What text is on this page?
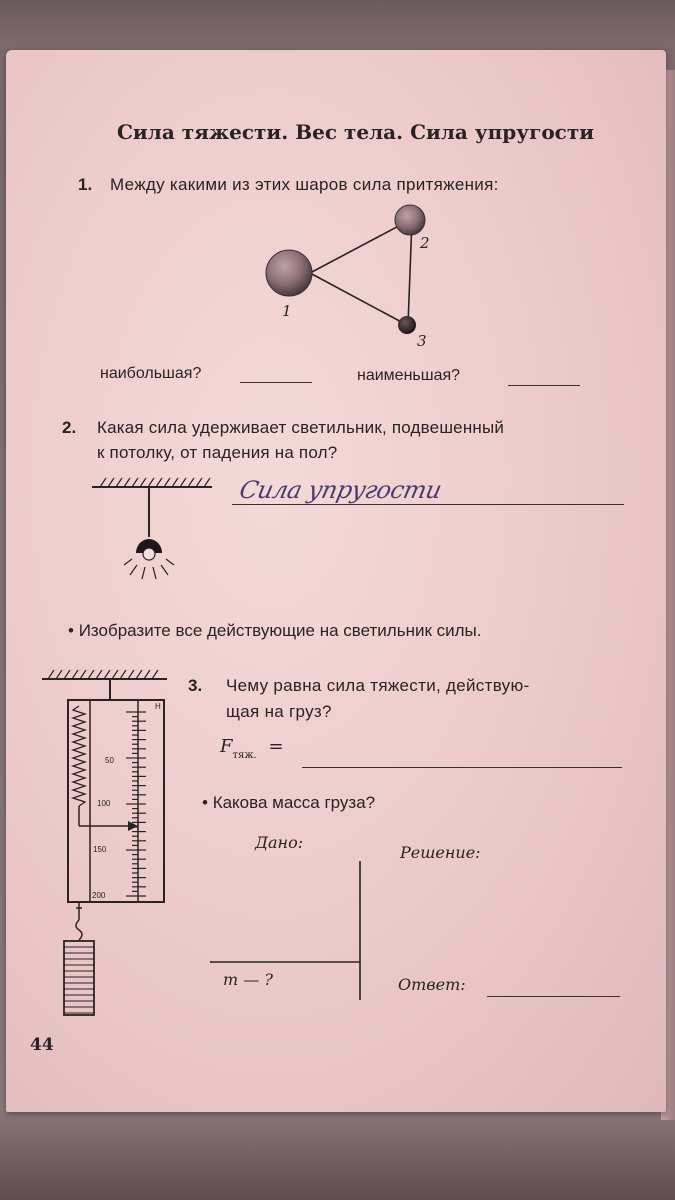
Сила тяжести. Вес тела. Сила упругости
1. Между какими из этих шаров сила притяжения:
1
2
3
наибольшая?	наименьшая?
2. Какая сила удерживает светильник, подвешенный
к потолку, от падения на пол?
Сила упругости
• Изобразите все действующие на светильник силы.
Н
50
100
150
200
3. Чему равна сила тяжести, действую-
щая на груз?
$F_{тяж.}$ =
• Какова масса груза?
Дано:
Решение:
m — ?	Ответ:
44
